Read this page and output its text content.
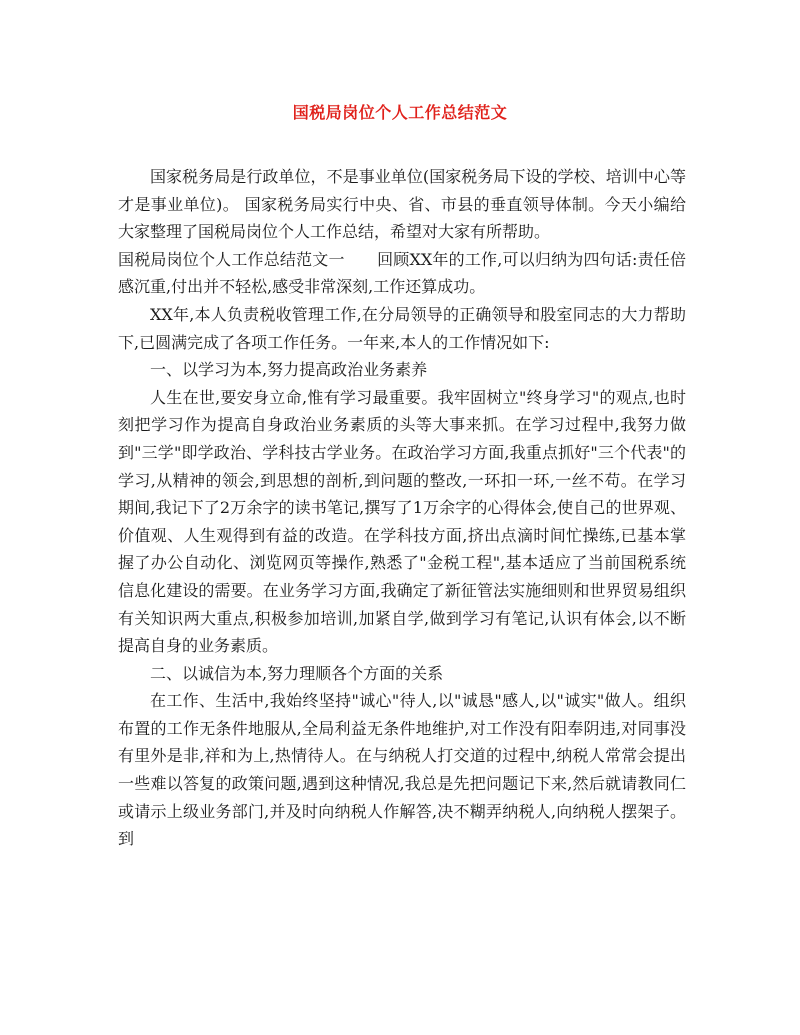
国税局岗位个人工作总结范文

国家税务局是行政单位，不是事业单位(国家税务局下设的学校、培训中心等才是事业单位)。 国家税务局实行中央、省、市县的垂直领导体制。今天小编给大家整理了国税局岗位个人工作总结，希望对大家有所帮助。

国税局岗位个人工作总结范文一　　回顾XX年的工作,可以归纳为四句话:责任倍感沉重,付出并不轻松,感受非常深刻,工作还算成功。

XX年,本人负责税收管理工作,在分局领导的正确领导和股室同志的大力帮助下,已圆满完成了各项工作任务。一年来,本人的工作情况如下:

一、以学习为本,努力提高政治业务素养

人生在世,要安身立命,惟有学习最重要。我牢固树立"终身学习"的观点,也时刻把学习作为提高自身政治业务素质的头等大事来抓。在学习过程中,我努力做到"三学"即学政治、学科技古学业务。在政治学习方面,我重点抓好"三个代表"的学习,从精神的领会,到思想的剖析,到问题的整改,一环扣一环,一丝不苟。在学习期间,我记下了2万余字的读书笔记,撰写了1万余字的心得体会,使自己的世界观、价值观、人生观得到有益的改造。在学科技方面,挤出点滴时间忙操练,已基本掌握了办公自动化、浏览网页等操作,熟悉了"金税工程",基本适应了当前国税系统信息化建设的需要。在业务学习方面,我确定了新征管法实施细则和世界贸易组织有关知识两大重点,积极参加培训,加紧自学,做到学习有笔记,认识有体会,以不断提高自身的业务素质。

二、以诚信为本,努力理顺各个方面的关系

在工作、生活中,我始终坚持"诚心"待人,以"诚恳"感人,以"诚实"做人。组织布置的工作无条件地服从,全局利益无条件地维护,对工作没有阳奉阴违,对同事没有里外是非,祥和为上,热情待人。在与纳税人打交道的过程中,纳税人常常会提出一些难以答复的政策问题,遇到这种情况,我总是先把问题记下来,然后就请教同仁或请示上级业务部门,并及时向纳税人作解答,决不糊弄纳税人,向纳税人摆架子。到
